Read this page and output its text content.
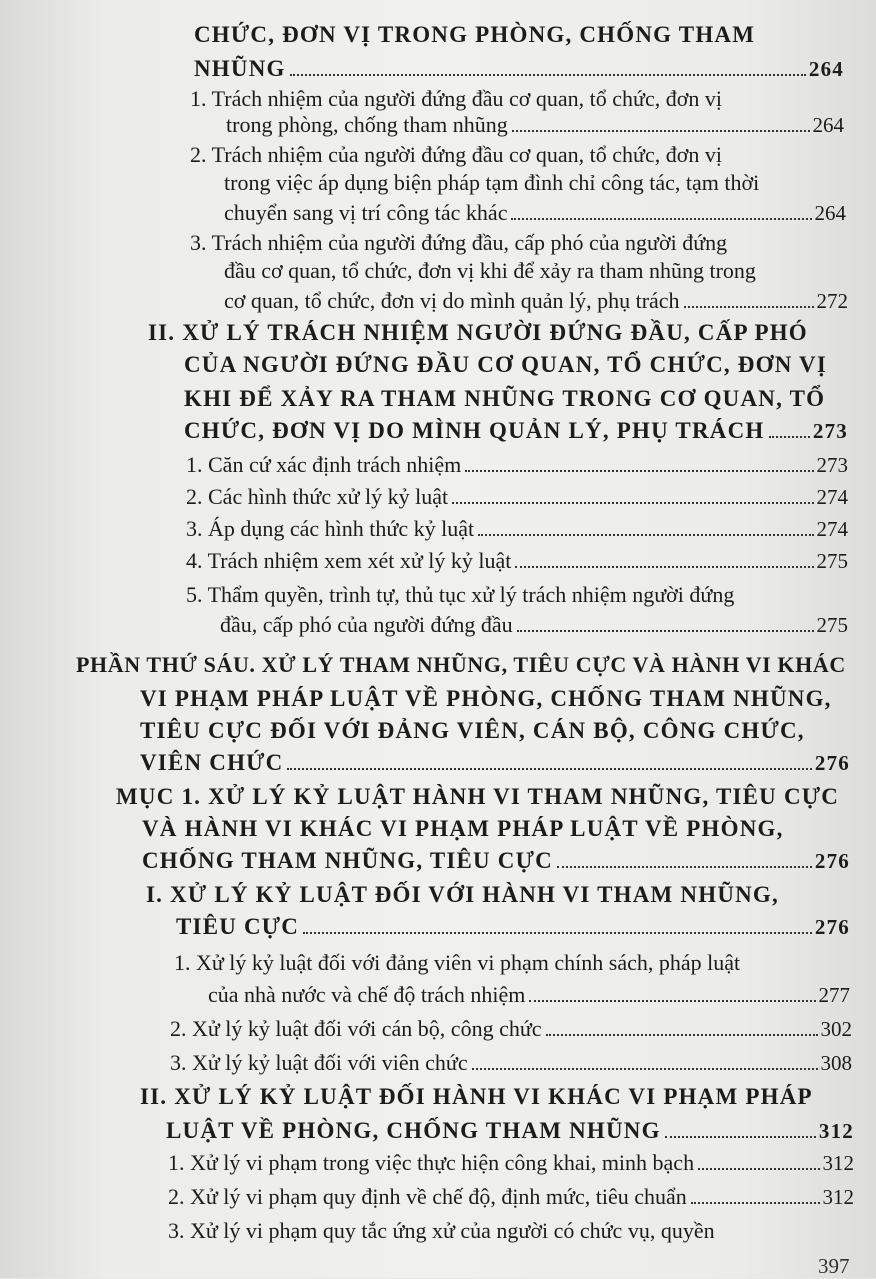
CHỨC, ĐƠN VỊ TRONG PHÒNG, CHỐNG THAM
NHŨNG	264
1. Trách nhiệm của người đứng đầu cơ quan, tổ chức, đơn vị
trong phòng, chống tham nhũng	264
2. Trách nhiệm của người đứng đầu cơ quan, tổ chức, đơn vị
trong việc áp dụng biện pháp tạm đình chỉ công tác, tạm thời
chuyển sang vị trí công tác khác	264
3. Trách nhiệm của người đứng đầu, cấp phó của người đứng
đầu cơ quan, tổ chức, đơn vị khi để xảy ra tham nhũng trong
cơ quan, tổ chức, đơn vị do mình quản lý, phụ trách	272
II. XỬ LÝ TRÁCH NHIỆM NGƯỜI ĐỨNG ĐẦU, CẤP PHÓ
CỦA NGƯỜI ĐỨNG ĐẦU CƠ QUAN, TỔ CHỨC, ĐƠN VỊ
KHI ĐỂ XẢY RA THAM NHŨNG TRONG CƠ QUAN, TỔ
CHỨC, ĐƠN VỊ DO MÌNH QUẢN LÝ, PHỤ TRÁCH 273
1. Căn cứ xác định trách nhiệm	273
2. Các hình thức xử lý kỷ luật	274
3. Áp dụng các hình thức kỷ luật	274
4. Trách nhiệm xem xét xử lý kỷ luật	275
5. Thẩm quyền, trình tự, thủ tục xử lý trách nhiệm người đứng
đầu, cấp phó của người đứng đầu	275
PHẦN THỨ SÁU. XỬ LÝ THAM NHŨNG, TIÊU CỰC VÀ HÀNH VI KHÁC
VI PHẠM PHÁP LUẬT VỀ PHÒNG, CHỐNG THAM NHŨNG,
TIÊU CỰC ĐỐI VỚI ĐẢNG VIÊN, CÁN BỘ, CÔNG CHỨC,
VIÊN CHỨC	276
MỤC 1. XỬ LÝ KỶ LUẬT HÀNH VI THAM NHŨNG, TIÊU CỰC
VÀ HÀNH VI KHÁC VI PHẠM PHÁP LUẬT VỀ PHÒNG,
CHỐNG THAM NHŨNG, TIÊU CỰC	276
I. XỬ LÝ KỶ LUẬT ĐỐI VỚI HÀNH VI THAM NHŨNG,
TIÊU CỰC	276
1. Xử lý kỷ luật đối với đảng viên vi phạm chính sách, pháp luật
của nhà nước và chế độ trách nhiệm	277
2. Xử lý kỷ luật đối với cán bộ, công chức	302
3. Xử lý kỷ luật đối với viên chức	308
II. XỬ LÝ KỶ LUẬT ĐỐI HÀNH VI KHÁC VI PHẠM PHÁP
LUẬT VỀ PHÒNG, CHỐNG THAM NHŨNG	312
1. Xử lý vi phạm trong việc thực hiện công khai, minh bạch	312
2. Xử lý vi phạm quy định về chế độ, định mức, tiêu chuẩn	312
3. Xử lý vi phạm quy tắc ứng xử của người có chức vụ, quyền
397
